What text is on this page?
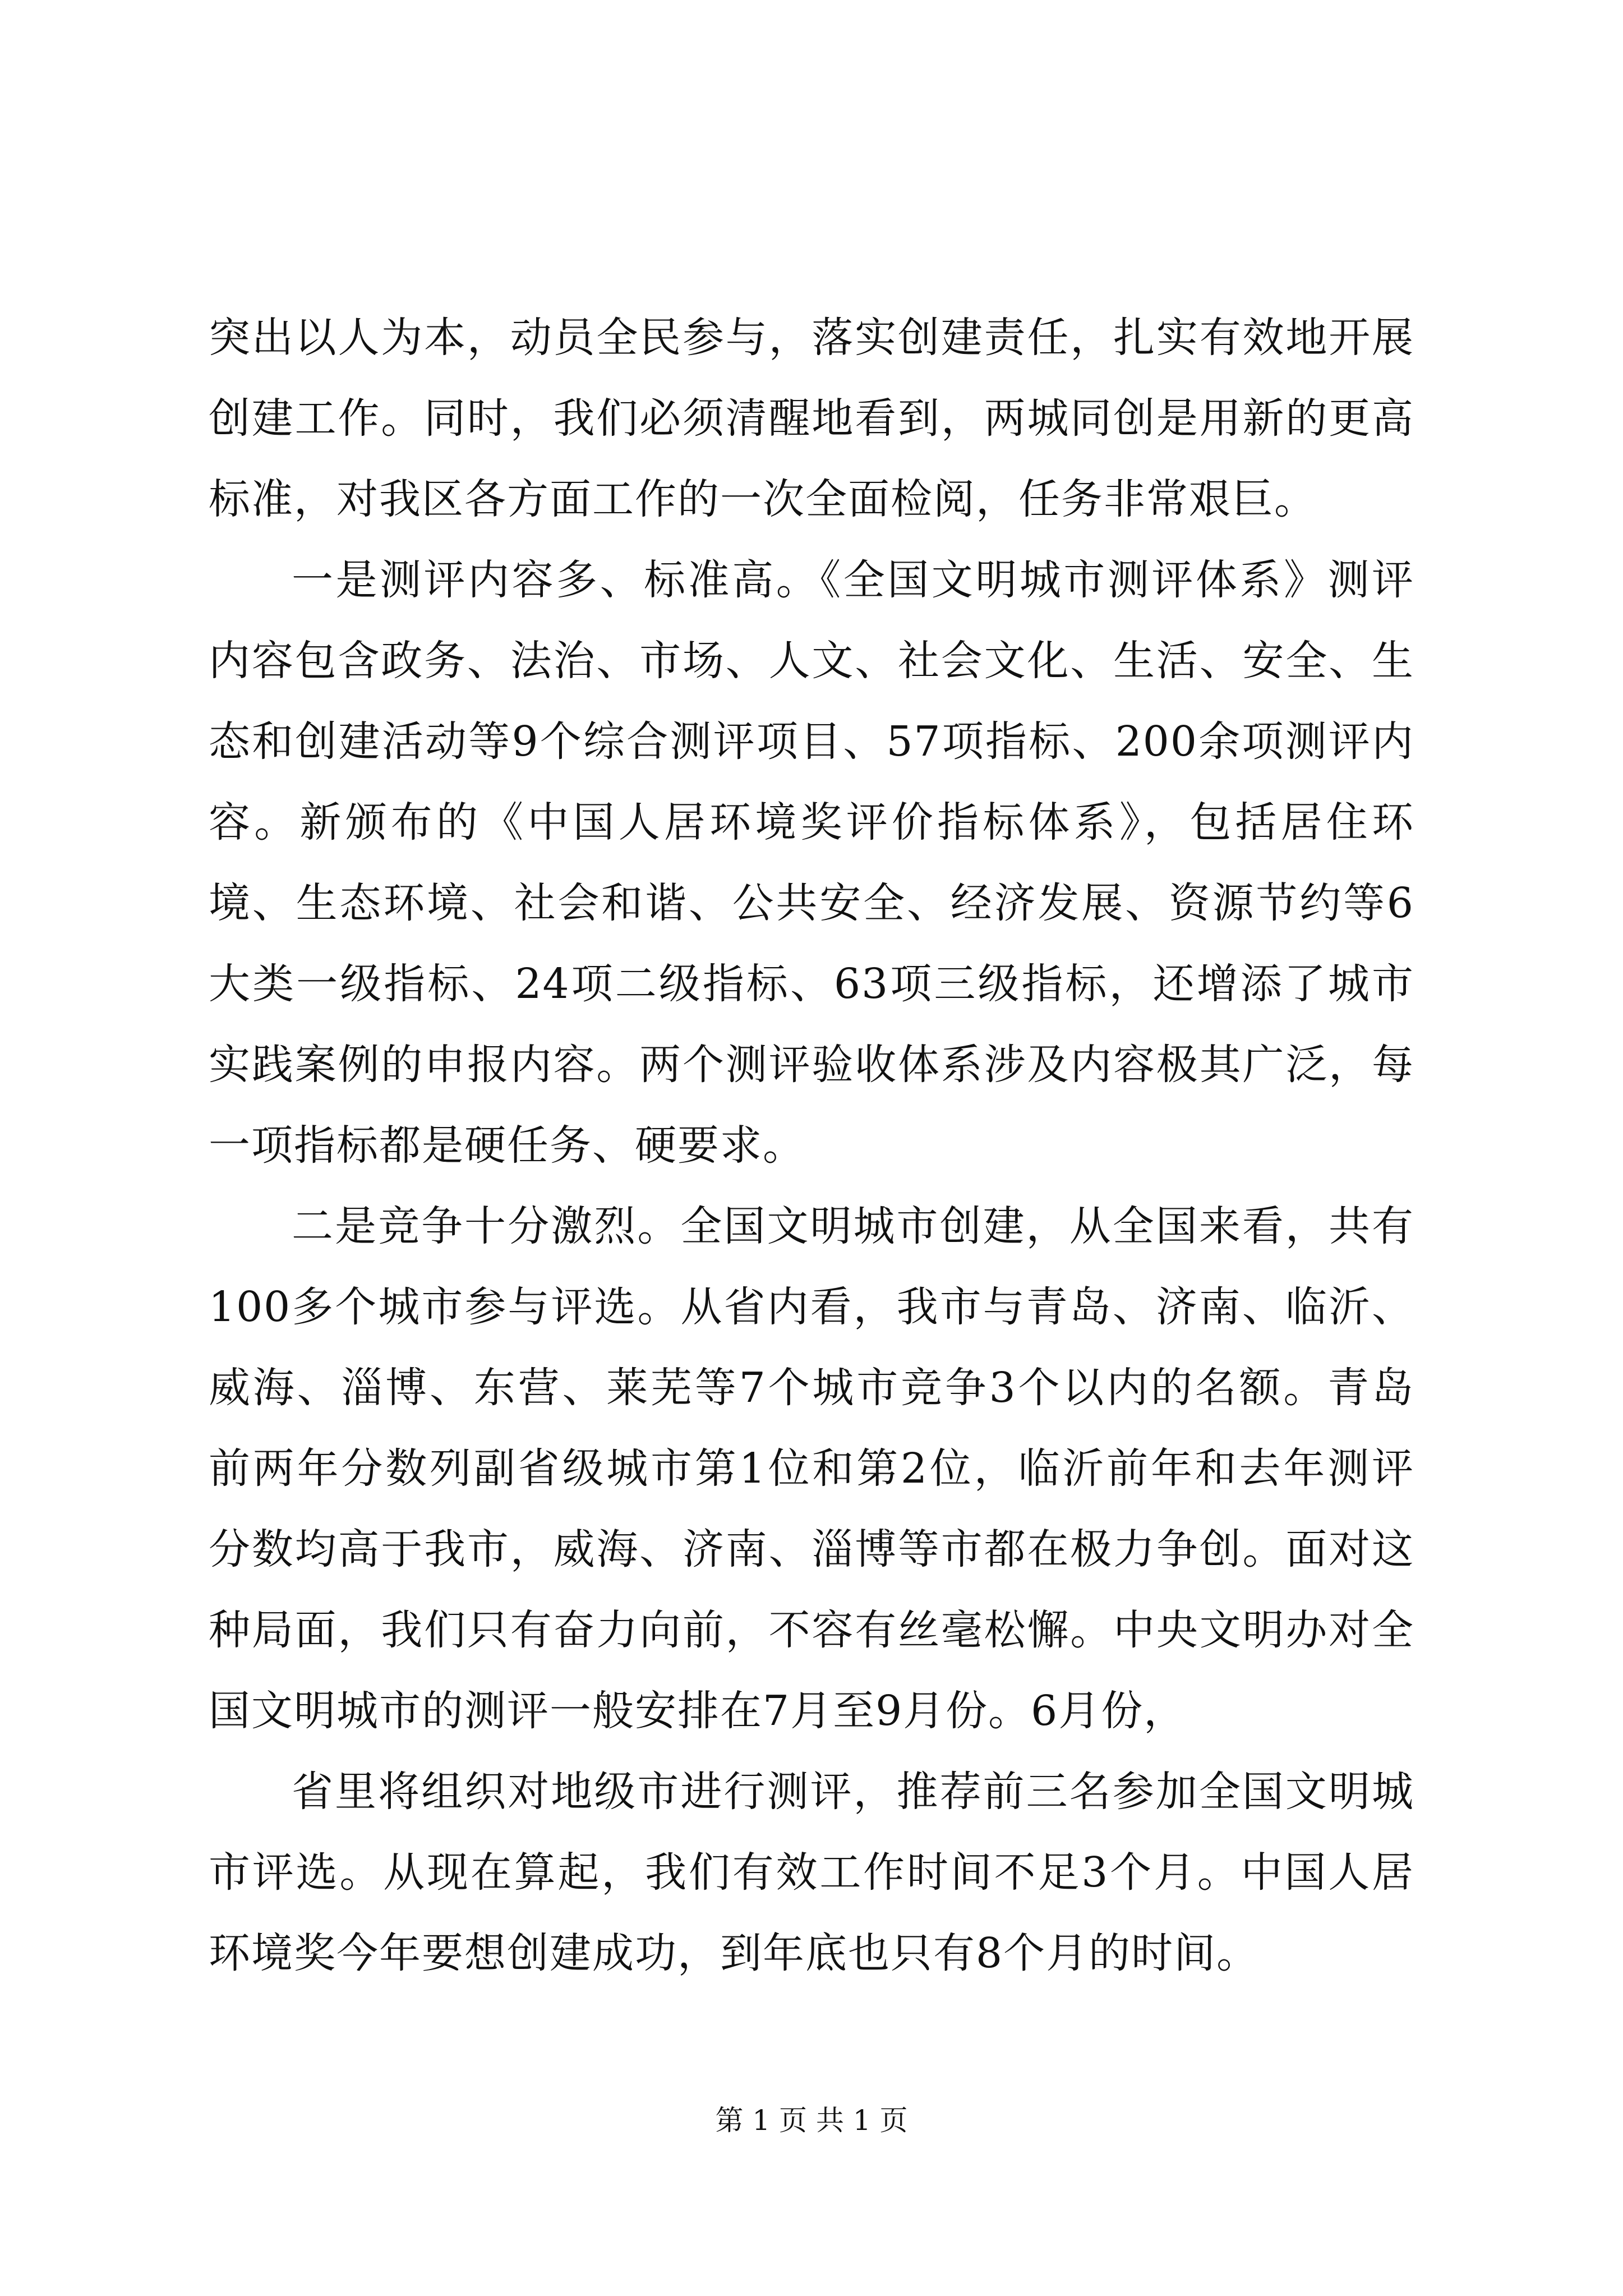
突出以人为本，动员全民参与，落实创建责任，扎实有效地开展创建工作。同时，我们必须清醒地看到，两城同创是用新的更高标准，对我区各方面工作的一次全面检阅，任务非常艰巨。

一是测评内容多、标准高。《全国文明城市测评体系》测评内容包含政务、法治、市场、人文、社会文化、生活、安全、生态和创建活动等9个综合测评项目、57项指标、200余项测评内容。新颁布的《中国人居环境奖评价指标体系》，包括居住环境、生态环境、社会和谐、公共安全、经济发展、资源节约等6大类一级指标、24项二级指标、63项三级指标，还增添了城市实践案例的申报内容。两个测评验收体系涉及内容极其广泛，每一项指标都是硬任务、硬要求。

二是竞争十分激烈。全国文明城市创建，从全国来看，共有100多个城市参与评选。从省内看，我市与青岛、济南、临沂、威海、淄博、东营、莱芜等7个城市竞争3个以内的名额。青岛前两年分数列副省级城市第1位和第2位，临沂前年和去年测评分数均高于我市，威海、济南、淄博等市都在极力争创。面对这种局面，我们只有奋力向前，不容有丝毫松懈。中央文明办对全国文明城市的测评一般安排在7月至9月份。6月份，

省里将组织对地级市进行测评，推荐前三名参加全国文明城市评选。从现在算起，我们有效工作时间不足3个月。中国人居环境奖今年要想创建成功，到年底也只有8个月的时间。

第 1 页 共 1 页
